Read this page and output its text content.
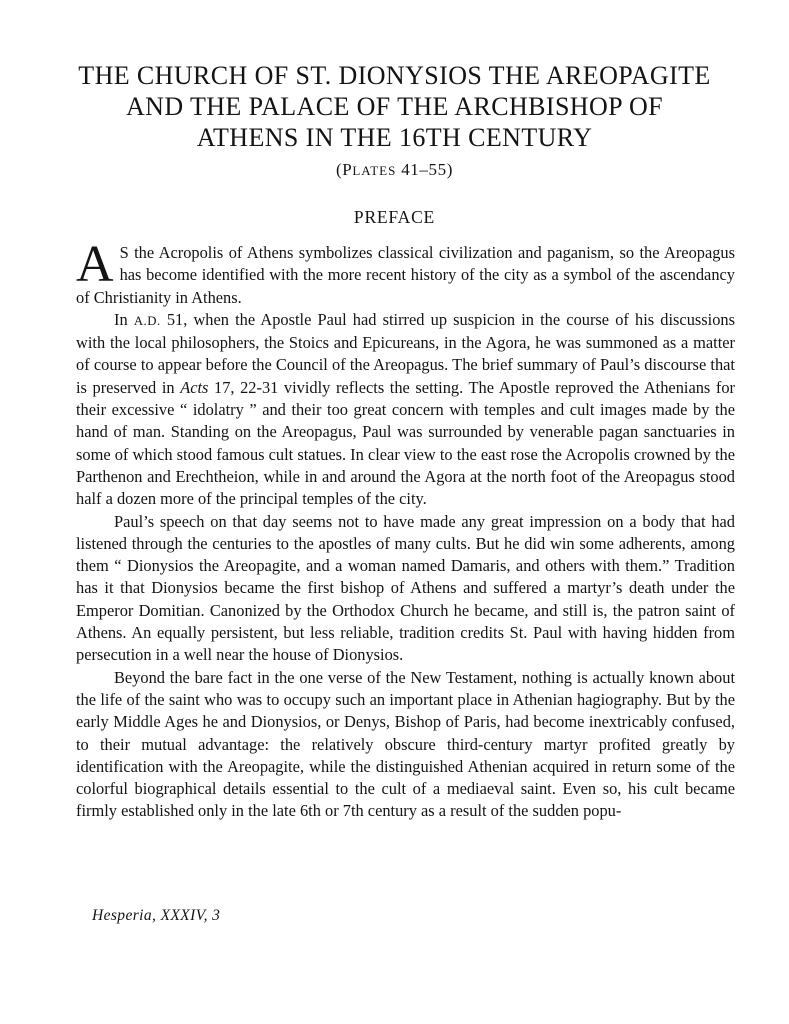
THE CHURCH OF ST. DIONYSIOS THE AREOPAGITE
AND THE PALACE OF THE ARCHBISHOP OF
ATHENS IN THE 16TH CENTURY
(PLATES 41–55)
PREFACE

A S the Acropolis of Athens symbolizes classical civilization and paganism, so the Areopagus has become identified with the more recent history of the city as a symbol of the ascendancy of Christianity in Athens.

In A.D. 51, when the Apostle Paul had stirred up suspicion in the course of his discussions with the local philosophers, the Stoics and Epicureans, in the Agora, he was summoned as a matter of course to appear before the Council of the Areopagus. The brief summary of Paul’s discourse that is preserved in Acts 17, 22-31 vividly reflects the setting. The Apostle reproved the Athenians for their excessive “ idolatry ” and their too great concern with temples and cult images made by the hand of man. Standing on the Areopagus, Paul was surrounded by venerable pagan sanctuaries in some of which stood famous cult statues. In clear view to the east rose the Acropolis crowned by the Parthenon and Erechtheion, while in and around the Agora at the north foot of the Areopagus stood half a dozen more of the principal temples of the city.

Paul’s speech on that day seems not to have made any great impression on a body that had listened through the centuries to the apostles of many cults. But he did win some adherents, among them “ Dionysios the Areopagite, and a woman named Damaris, and others with them.” Tradition has it that Dionysios became the first bishop of Athens and suffered a martyr’s death under the Emperor Domitian. Canonized by the Orthodox Church he became, and still is, the patron saint of Athens. An equally persistent, but less reliable, tradition credits St. Paul with having hidden from persecution in a well near the house of Dionysios.

Beyond the bare fact in the one verse of the New Testament, nothing is actually known about the life of the saint who was to occupy such an important place in Athenian hagiography. But by the early Middle Ages he and Dionysios, or Denys, Bishop of Paris, had become inextricably confused, to their mutual advantage: the relatively obscure third-century martyr profited greatly by identification with the Areopagite, while the distinguished Athenian acquired in return some of the colorful biographical details essential to the cult of a mediaeval saint. Even so, his cult became firmly established only in the late 6th or 7th century as a result of the sudden popu-

Hesperia, XXXIV, 3
